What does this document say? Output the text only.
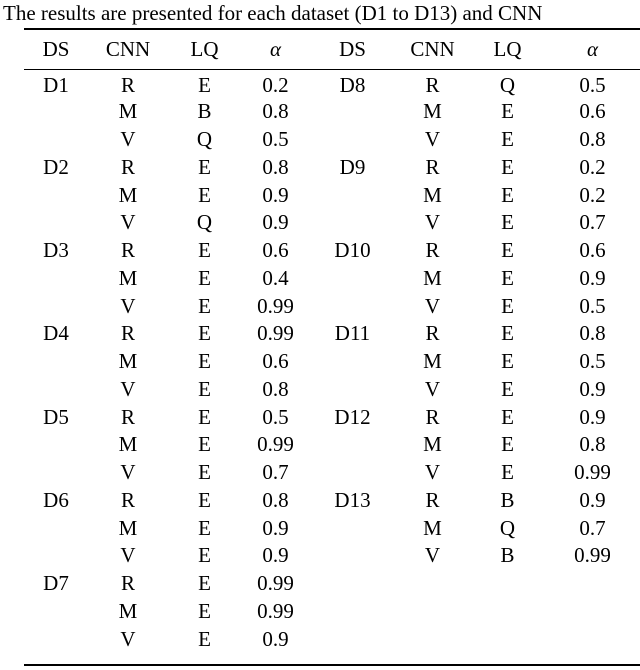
The results are presented for each dataset (D1 to D13) and CNN
DS	CNN	LQ	α	DS	CNN	LQ	α
D1	R	E	0.2	D8	R	Q	0.5
	M	B	0.8		M	E	0.6
	V	Q	0.5		V	E	0.8
D2	R	E	0.8	D9	R	E	0.2
	M	E	0.9		M	E	0.2
	V	Q	0.9		V	E	0.7
D3	R	E	0.6	D10	R	E	0.6
	M	E	0.4		M	E	0.9
	V	E	0.99		V	E	0.5
D4	R	E	0.99	D11	R	E	0.8
	M	E	0.6		M	E	0.5
	V	E	0.8		V	E	0.9
D5	R	E	0.5	D12	R	E	0.9
	M	E	0.99		M	E	0.8
	V	E	0.7		V	E	0.99
D6	R	E	0.8	D13	R	B	0.9
	M	E	0.9		M	Q	0.7
	V	E	0.9		V	B	0.99
D7	R	E	0.99				
	M	E	0.99				
	V	E	0.9				
